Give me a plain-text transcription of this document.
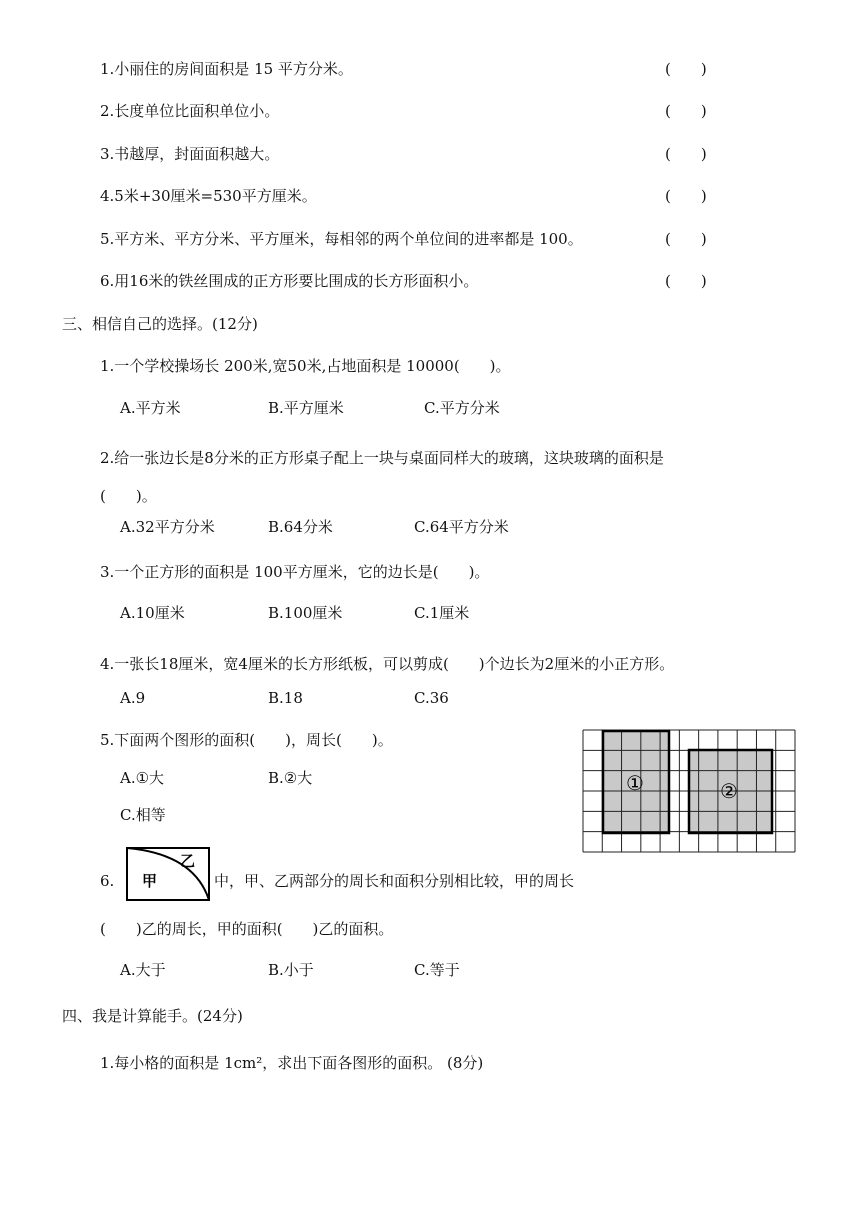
1.小丽住的房间面积是 15 平方分米。	(　　)
2.长度单位比面积单位小。	(　　)
3.书越厚，封面面积越大。	(　　)
4.5米+30厘米=530平方厘米。	(　　)
5.平方米、平方分米、平方厘米，每相邻的两个单位间的进率都是 100。	(　　)
6.用16米的铁丝围成的正方形要比围成的长方形面积小。	(　　)
三、相信自己的选择。(12分)
1.一个学校操场长 200米,宽50米,占地面积是 10000(　　)。
A.平方米	B.平方厘米	C.平方分米
2.给一张边长是8分米的正方形桌子配上一块与桌面同样大的玻璃，这块玻璃的面积是
(　　)。
A.32平方分米	B.64分米	C.64平方分米
3.一个正方形的面积是 100平方厘米，它的边长是(　　)。
A.10厘米	B.100厘米	C.1厘米
4.一张长18厘米，宽4厘米的长方形纸板，可以剪成(　　)个边长为2厘米的小正方形。
A.9	B.18	C.36
5.下面两个图形的面积(　　)，周长(　　)。
A.①大	B.②大
C.相等
①	②
6. 甲
乙
中，甲、乙两部分的周长和面积分别相比较，甲的周长
(　　)乙的周长，甲的面积(　　)乙的面积。
A.大于	B.小于	C.等于
四、我是计算能手。(24分)
1.每小格的面积是 1cm²，求出下面各图形的面积。 (8分)
